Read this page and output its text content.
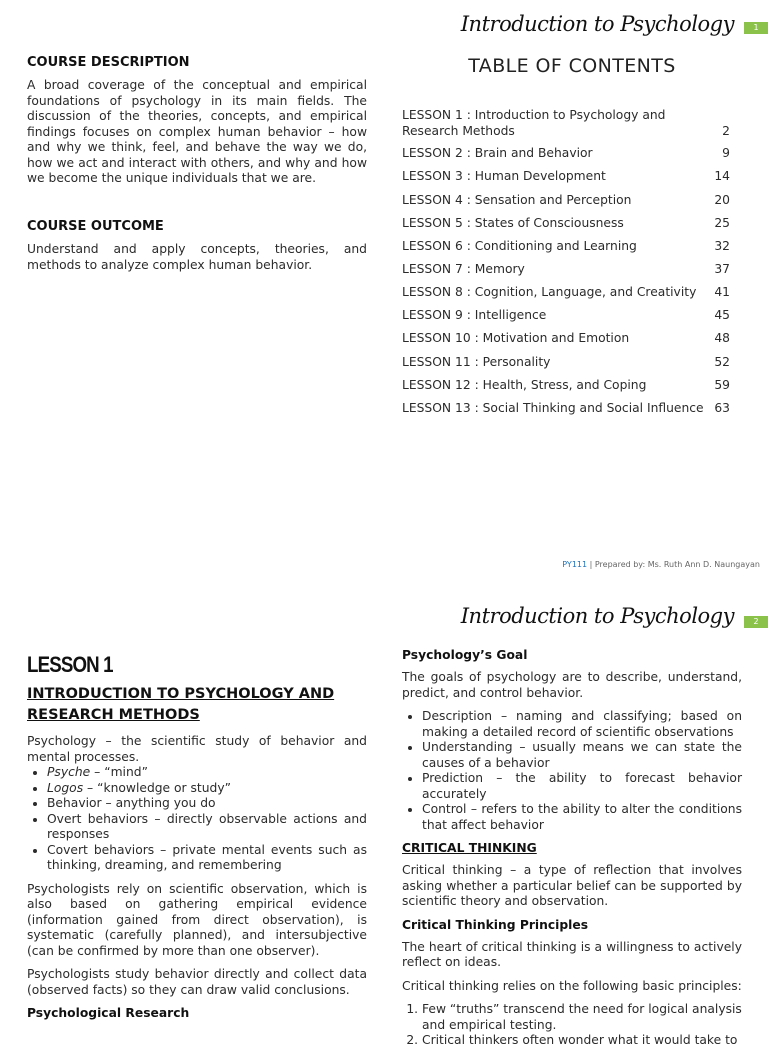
Introduction to Psychology	1

COURSE DESCRIPTION

A broad coverage of the conceptual and empirical foundations of psychology in its main fields. The discussion of the theories, concepts, and empirical findings focuses on complex human behavior – how and why we think, feel, and behave the way we do, how we act and interact with others, and why and how we become the unique individuals that we are.

COURSE OUTCOME

Understand and apply concepts, theories, and methods to analyze complex human behavior.

TABLE OF CONTENTS
LESSON 1 : Introduction to Psychology and Research Methods	2
LESSON 2 : Brain and Behavior	9
LESSON 3 : Human Development	14
LESSON 4 : Sensation and Perception	20
LESSON 5 : States of Consciousness	25
LESSON 6 : Conditioning and Learning	32
LESSON 7 : Memory	37
LESSON 8 : Cognition, Language, and Creativity	41
LESSON 9 : Intelligence	45
LESSON 10 : Motivation and Emotion	48
LESSON 11 : Personality	52
LESSON 12 : Health, Stress, and Coping	59
LESSON 13 : Social Thinking and Social Influence 63
PY111 | Prepared by: Ms. Ruth Ann D. Naungayan
Introduction to Psychology	2
LESSON 1

INTRODUCTION TO PSYCHOLOGY AND RESEARCH METHODS

Psychology – the scientific study of behavior and mental processes.

• Psyche – “mind”
• Logos – “knowledge or study”
• Behavior – anything you do
• Overt behaviors – directly observable actions and responses
• Covert behaviors – private mental events such as thinking, dreaming, and remembering

Psychologists rely on scientific observation, which is also based on gathering empirical evidence (information gained from direct observation), is systematic (carefully planned), and intersubjective (can be confirmed by more than one observer).

Psychologists study behavior directly and collect data (observed facts) so they can draw valid conclusions.

Psychological Research

Psychology’s Goal

The goals of psychology are to describe, understand, predict, and control behavior.

• Description – naming and classifying; based on making a detailed record of scientific observations
• Understanding – usually means we can state the causes of a behavior
• Prediction – the ability to forecast behavior accurately
• Control – refers to the ability to alter the conditions that affect behavior

CRITICAL THINKING

Critical thinking – a type of reflection that involves asking whether a particular belief can be supported by scientific theory and observation.

Critical Thinking Principles

The heart of critical thinking is a willingness to actively reflect on ideas.

Critical thinking relies on the following basic principles:

1. Few “truths” transcend the need for logical analysis and empirical testing.
2. Critical thinkers often wonder what it would take to
